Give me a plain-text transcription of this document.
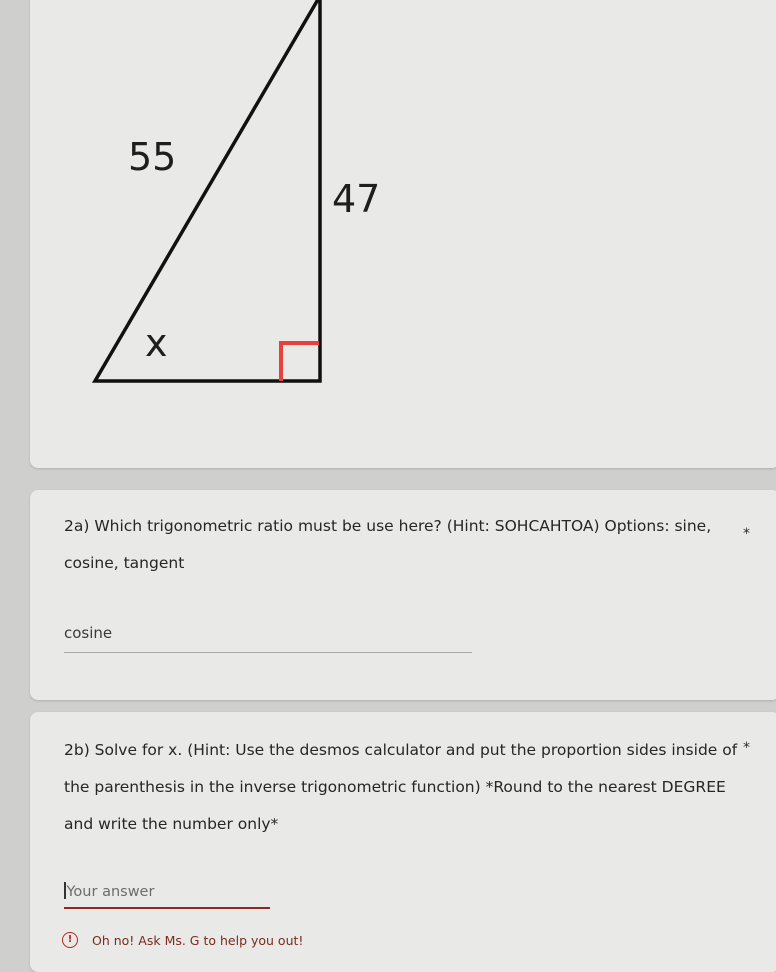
55
47
x
2a) Which trigonometric ratio must be use here? (Hint: SOHCAHTOA) Options: sine, cosine, tangent
*
cosine
2b) Solve for x. (Hint: Use the desmos calculator and put the proportion sides inside of the parenthesis in the inverse trigonometric function) *Round to the nearest DEGREE and write the number only*
*
Your answer
!	Oh no! Ask Ms. G to help you out!
